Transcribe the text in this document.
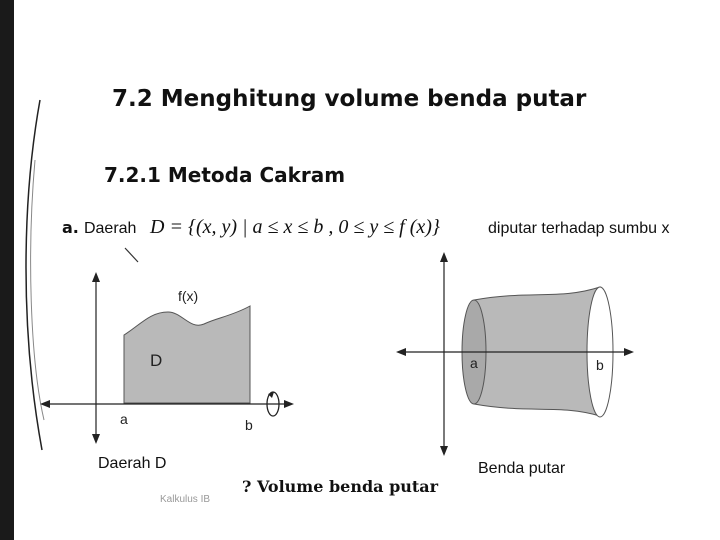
7.2 Menghitung volume benda putar
7.2.1 Metoda Cakram
a. Daerah D = {(x, y) | a ≤ x ≤ b , 0 ≤ y ≤ f (x)}	diputar terhadap sumbu x
f(x)
D
a	b
Daerah D
a	b
Benda putar
? Volume benda putar
Kalkulus IB
